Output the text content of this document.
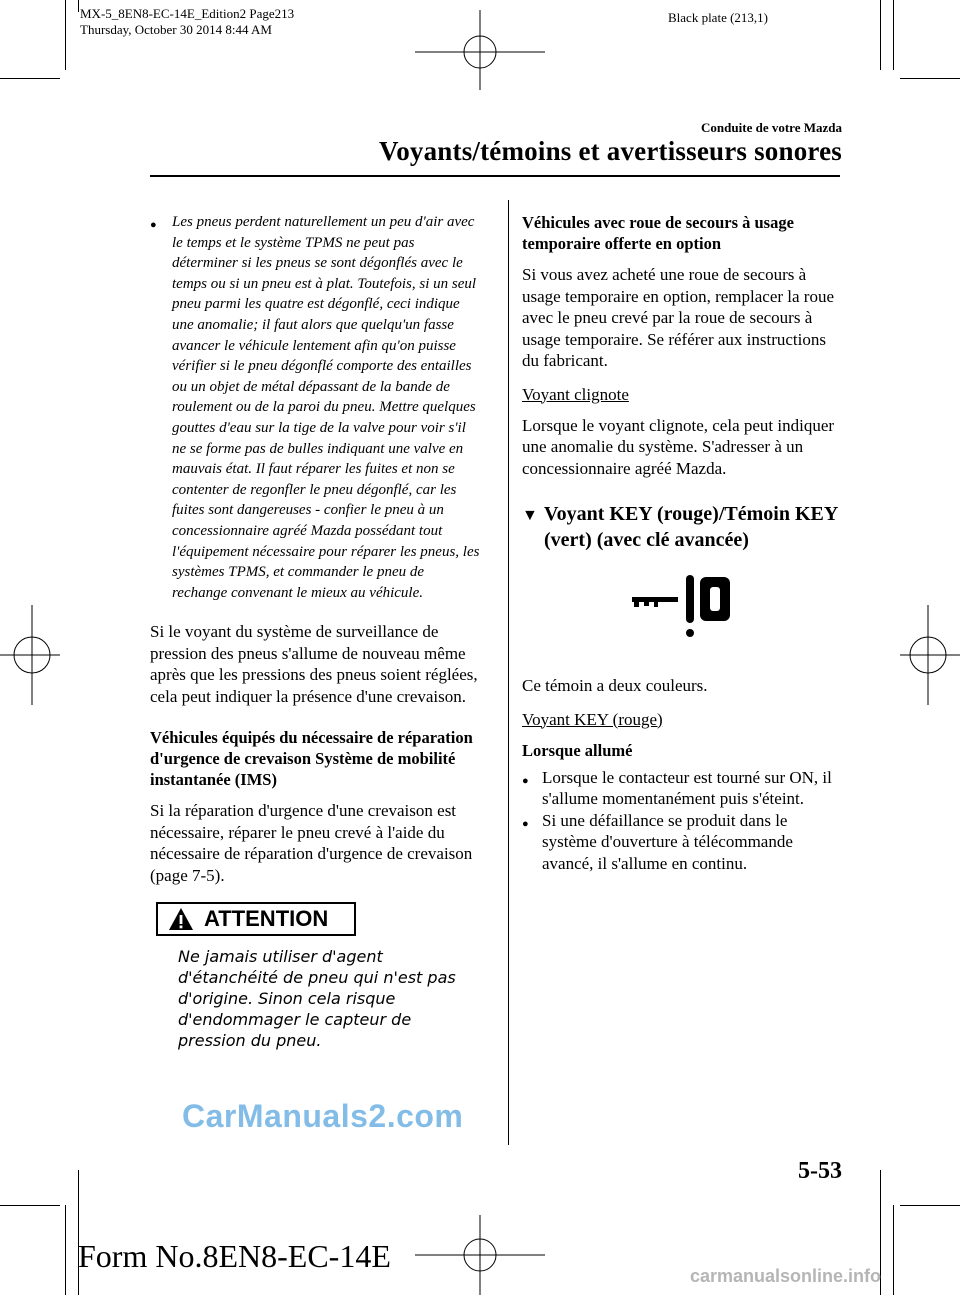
MX-5_8EN8-EC-14E_Edition2 Page213
Thursday, October 30 2014 8:44 AM
Black plate (213,1)
Conduite de votre Mazda
Voyants/témoins et avertisseurs sonores
●	Les pneus perdent naturellement un peu d'air avec le temps et le système TPMS ne peut pas déterminer si les pneus se sont dégonflés avec le temps ou si un pneu est à plat. Toutefois, si un seul pneu parmi les quatre est dégonflé, ceci indique une anomalie; il faut alors que quelqu'un fasse avancer le véhicule lentement afin qu'on puisse vérifier si le pneu dégonflé comporte des entailles ou un objet de métal dépassant de la bande de roulement ou de la paroi du pneu. Mettre quelques gouttes d'eau sur la tige de la valve pour voir s'il ne se forme pas de bulles indiquant une valve en mauvais état. Il faut réparer les fuites et non se contenter de regonfler le pneu dégonflé, car les fuites sont dangereuses - confier le pneu à un concessionnaire agréé Mazda possédant tout l'équipement nécessaire pour réparer les pneus, les systèmes TPMS, et commander le pneu de rechange convenant le mieux au véhicule.

Si le voyant du système de surveillance de pression des pneus s'allume de nouveau même après que les pressions des pneus soient réglées, cela peut indiquer la présence d'une crevaison.

Véhicules équipés du nécessaire de réparation d'urgence de crevaison Système de mobilité instantanée (IMS)

Si la réparation d'urgence d'une crevaison est nécessaire, réparer le pneu crevé à l'aide du nécessaire de réparation d'urgence de crevaison (page 7-5).

ATTENTION
Ne jamais utiliser d'agent d'étanchéité de pneu qui n'est pas d'origine. Sinon cela risque d'endommager le capteur de pression du pneu.
Véhicules avec roue de secours à usage temporaire offerte en option

Si vous avez acheté une roue de secours à usage temporaire en option, remplacer la roue avec le pneu crevé par la roue de secours à usage temporaire. Se référer aux instructions du fabricant.

Voyant clignote

Lorsque le voyant clignote, cela peut indiquer une anomalie du système. S'adresser à un concessionnaire agréé Mazda.

▼ Voyant KEY (rouge)/Témoin KEY (vert) (avec clé avancée)

Ce témoin a deux couleurs.

Voyant KEY (rouge)
Lorsque allumé
● Lorsque le contacteur est tourné sur ON, il s'allume momentanément puis s'éteint.
● Si une défaillance se produit dans le système d'ouverture à télécommande avancé, il s'allume en continu.
5-53
Form No.8EN8-EC-14E
CarManuals2.com
carmanualsonline.info
